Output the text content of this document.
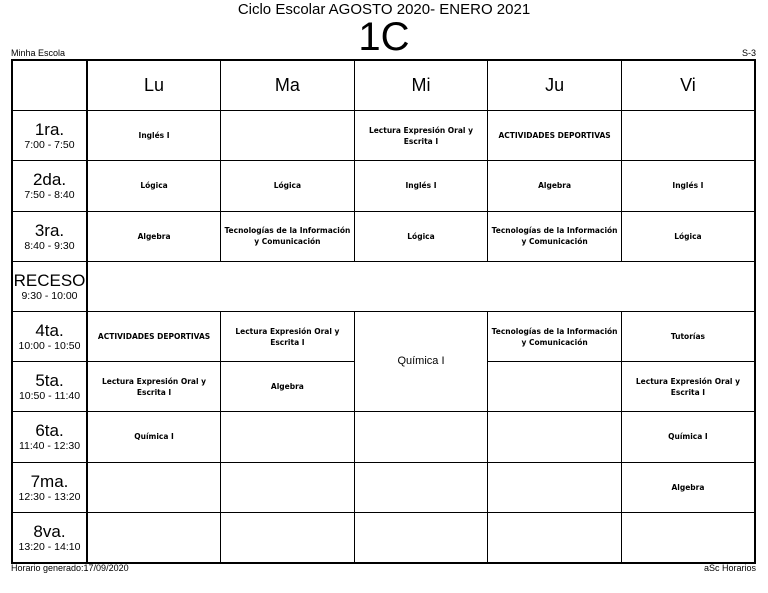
Ciclo Escolar AGOSTO 2020- ENERO 2021
1C
Minha Escola	S-3
	Lu	Ma	Mi	Ju	Vi

1ra.
7:00 - 7:50	Inglés I		Lectura Expresión Oral y Escrita I	ACTIVIDADES DEPORTIVAS	

2da.
7:50 - 8:40	Lógica	Lógica	Inglés I	Algebra	Inglés I

3ra.
8:40 - 9:30	Algebra	Tecnologías de la Información y Comunicación	Lógica	Tecnologías de la Información y Comunicación	Lógica

RECESO
9:30 - 10:00					

4ta.
10:00 - 10:50	ACTIVIDADES DEPORTIVAS	Lectura Expresión Oral y Escrita I	Química I	Tecnologías de la Información y Comunicación	Tutorías

5ta.
10:50 - 11:40	Lectura Expresión Oral y Escrita I	Algebra			Lectura Expresión Oral y Escrita I

6ta.
11:40 - 12:30	Química I				Química I

7ma.
12:30 - 13:20					Algebra

8va.
13:20 - 14:10					

Horario generado:17/09/2020	aSc Horarios
